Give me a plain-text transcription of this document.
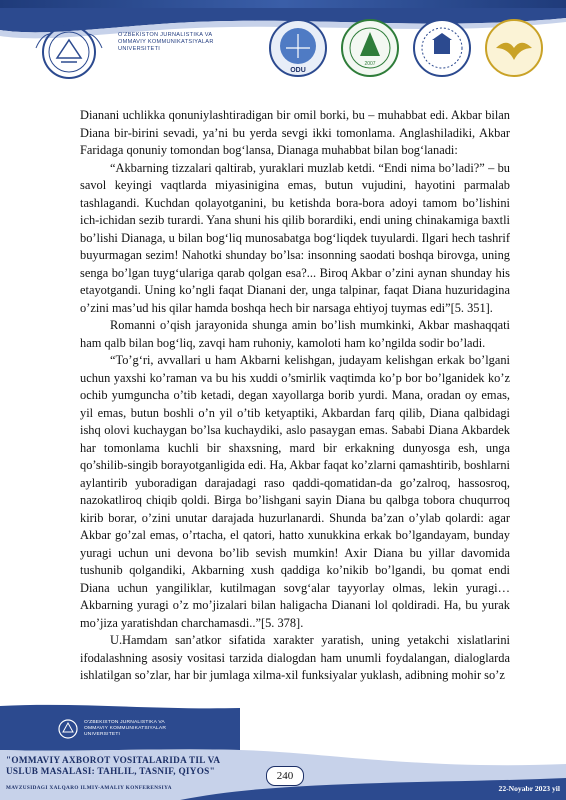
O'ZBEKISTON JURNALISTIKA VA
OMMAVIY KOMMUNIKATSIYALAR
UNIVERSITETI
ODU
2007

Dianani uchlikka qonuniylashtiradigan bir omil borki, bu – muhabbat edi. Akbar bilan Diana bir-birini sevadi, ya’ni bu yerda sevgi ikki tomonlama. Anglashiladiki, Akbar Faridaga qonuniy tomondan bog‘lansa, Dianaga muhabbat bilan bog‘lanadi:

“Akbarning tizzalari qaltirab, yuraklari muzlab ketdi. “Endi nima bo’ladi?” – bu savol keyingi vaqtlarda miyasinigina emas, butun vujudini, hayotini parmalab tashlagandi. Kuchdan qolayotganini, bu ketishda bora-bora adoyi tamom bo’lishini ich-ichidan sezib turardi. Yana shuni his qilib borardiki, endi uning chinakamiga baxtli bo’lishi Dianaga, u bilan bog‘liq munosabatga bog‘liqdek tuyulardi. Ilgari hech tashrif buyurmagan sezim! Nahotki shunday bo’lsa: insonning saodati boshqa birovga, uning senga bo’lgan tuyg‘ulariga qarab qolgan esa?... Biroq Akbar o’zini aynan shunday his etayotgandi. Uning ko’ngli faqat Dianani der, unga talpinar, faqat Diana huzuridagina o’zini mas’ud his qilar hamda boshqa hech bir narsaga ehtiyoj tuymas edi”[5. 351].

Romanni o’qish jarayonida shunga amin bo’lish mumkinki, Akbar mashaqqati ham qalb bilan bog‘liq, zavqi ham ruhoniy, kamoloti ham ko’ngilda sodir bo’ladi.

“To’g‘ri, avvallari u ham Akbarni kelishgan, judayam kelishgan erkak bo’lgani uchun yaxshi ko’raman va bu his xuddi o’smirlik vaqtimda ko’p bor bo’lganidek ko’z ochib yumguncha o’tib ketadi, degan xayollarga borib yurdi. Mana, oradan oy emas, yil emas, butun boshli o’n yil o’tib ketyaptiki, Akbardan farq qilib, Diana qalbidagi ishq olovi kuchaygan bo’lsa kuchaydiki, aslo pasaygan emas. Sababi Diana Akbardek har tomonlama kuchli bir shaxsning, mard bir erkakning dunyosga esh, unga qo’shilib-singib borayotganligida edi. Ha, Akbar faqat ko’zlarni qamashtirib, boshlarni aylantirib yuboradigan darajadagi raso qaddi-qomatidan-da go’zalroq, hassosroq, nazokatliroq chiqib qoldi. Birga bo’lishgani sayin Diana bu qalbga tobora chuqurroq kirib borar, o’zini unutar darajada huzurlanardi. Shunda ba’zan o’ylab qolardi: agar Akbar go’zal emas, o’rtacha, el qatori, hatto xunukkina erkak bo’lgandayam, bunday yuragi uchun uni devona bo’lib sevish mumkin! Axir Diana bu yillar davomida tushunib qolgandiki, Akbarning xush qaddiga ko’nikib bo’lgandi, bu qomat endi Diana uchun yangiliklar, kutilmagan sovg‘alar tayyorlay olmas, lekin yuragi… Akbarning yuragi o’z mo’jizalari bilan haligacha Dianani lol qoldiradi. Ha, bu yurak mo’jiza yaratishdan charchamasdi..”[5. 378].

U.Hamdam san’atkor sifatida xarakter yaratish, uning yetakchi xislatlarini ifodalashning asosiy vositasi tarzida dialogdan ham unumli foydalangan, dialoglarda ishlatilgan so’zlar, har bir jumlaga xilma-xil funksiyalar yuklash, adibning mohir so’z

O'ZBEKISTON JURNALISTIKA VA
OMMAVIY KOMMUNIKATSIYALAR
UNIVERSITETI
"OMMAVIY AXBOROT VOSITALARIDA TIL VA
USLUB MASALASI: TAHLIL, TASNIF, QIYOS"
MAVZUSIDAGI XALQARO ILMIY-AMALIY KONFERENSIYA
240
22-Noyabr 2023 yil
